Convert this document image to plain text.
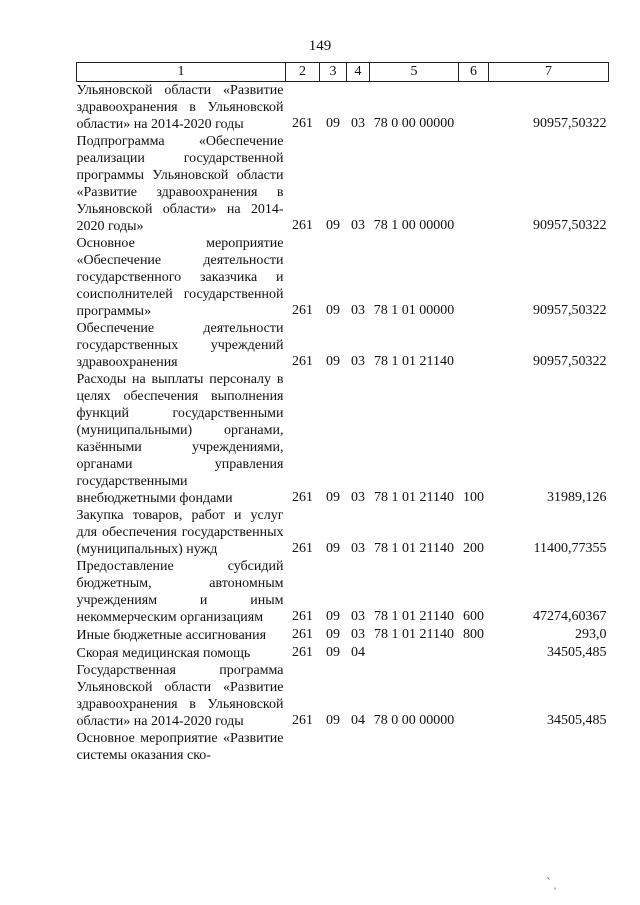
149
1	2	3	4	5	6	7
Ульяновской области «Развитие здравоохранения в Ульяновской области» на 2014-2020 годы	261	09	03	78 0 00 00000		90957,50322
Подпрограмма «Обеспечение реализации государственной программы Ульяновской области «Развитие здравоохранения в Ульяновской области» на 2014-2020 годы»	261	09	03	78 1 00 00000		90957,50322
Основное мероприятие «Обеспечение деятельности государственного заказчика и соисполнителей государственной программы»	261	09	03	78 1 01 00000		90957,50322
Обеспечение деятельности государственных учреждений здравоохранения	261	09	03	78 1 01 21140		90957,50322
Расходы на выплаты персоналу в целях обеспечения выполнения функций государственными (муниципальными) органами, казёнными учреждениями, органами управления государственными внебюджетными фондами	261	09	03	78 1 01 21140	100	31989,126
Закупка товаров, работ и услуг для обеспечения государственных (муниципальных) нужд	261	09	03	78 1 01 21140	200	11400,77355
Предоставление субсидий бюджетным, автономным учреждениям и иным некоммерческим организациям	261	09	03	78 1 01 21140	600	47274,60367
Иные бюджетные ассигнования	261	09	03	78 1 01 21140	800	293,0
Скорая медицинская помощь	261	09	04			34505,485
Государственная программа Ульяновской области «Развитие здравоохранения в Ульяновской области» на 2014-2020 годы	261	09	04	78 0 00 00000		34505,485
Основное мероприятие «Развитие системы оказания ско-						
՝ ͺ
